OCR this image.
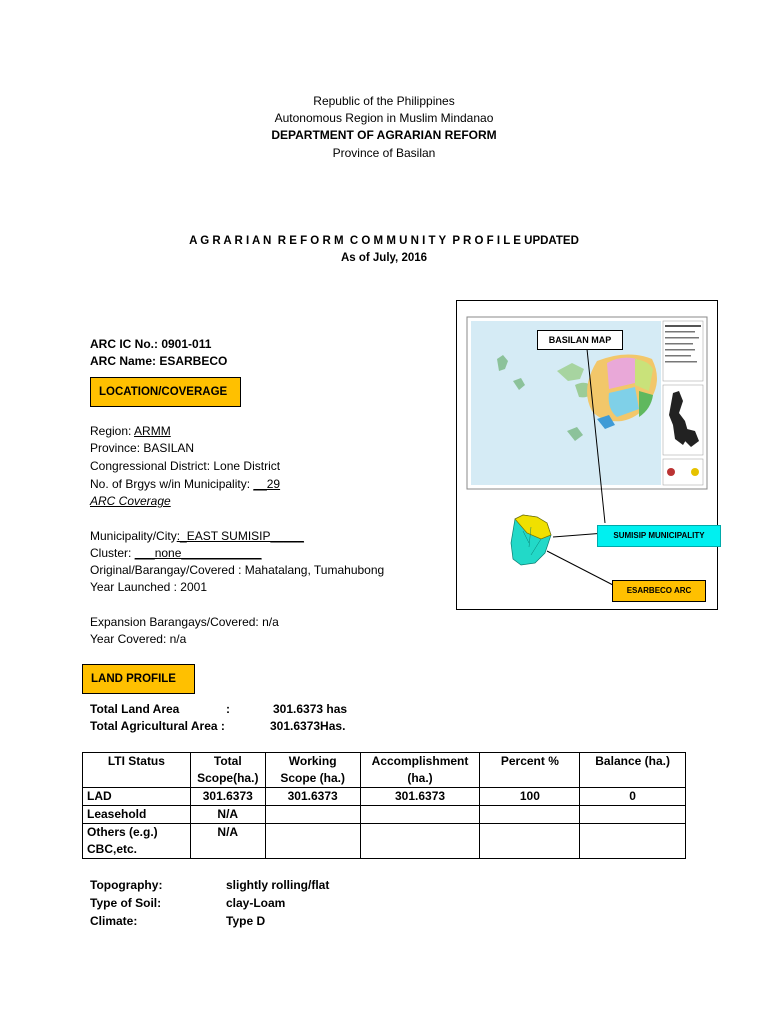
Republic of the Philippines
Autonomous Region in Muslim Mindanao
DEPARTMENT OF AGRARIAN REFORM
Province of Basilan
A G R A R I A N  R E F O R M  C O M M U N I T Y  P R O F I L E UPDATED
As of July, 2016
ARC IC No.: 0901-011
ARC Name: ESARBECO
LOCATION/COVERAGE
Region: ARMM
Province: BASILAN
Congressional District: Lone District
No. of Brgys w/in Municipality: __29
ARC Coverage
Municipality/City:_EAST SUMISIP_____
Cluster: ___none____________
Original/Barangay/Covered : Mahatalang, Tumahubong
Year Launched : 2001
Expansion Barangays/Covered: n/a
Year Covered: n/a
LAND PROFILE
Total Land Area	:	301.6373 has
Total Agricultural Area :	301.6373Has.
LTI Status	Total Scope(ha.)	Working Scope (ha.)	Accomplishment (ha.)	Percent %	Balance (ha.)
LAD	301.6373	301.6373	301.6373	100	0
Leasehold	N/A				
Others (e.g.) CBC,etc.	N/A				
Topography:	slightly rolling/flat
Type of Soil:	clay-Loam
Climate:	Type D
BASILAN MAP
SUMISIP MUNICIPALITY
ESARBECO ARC
